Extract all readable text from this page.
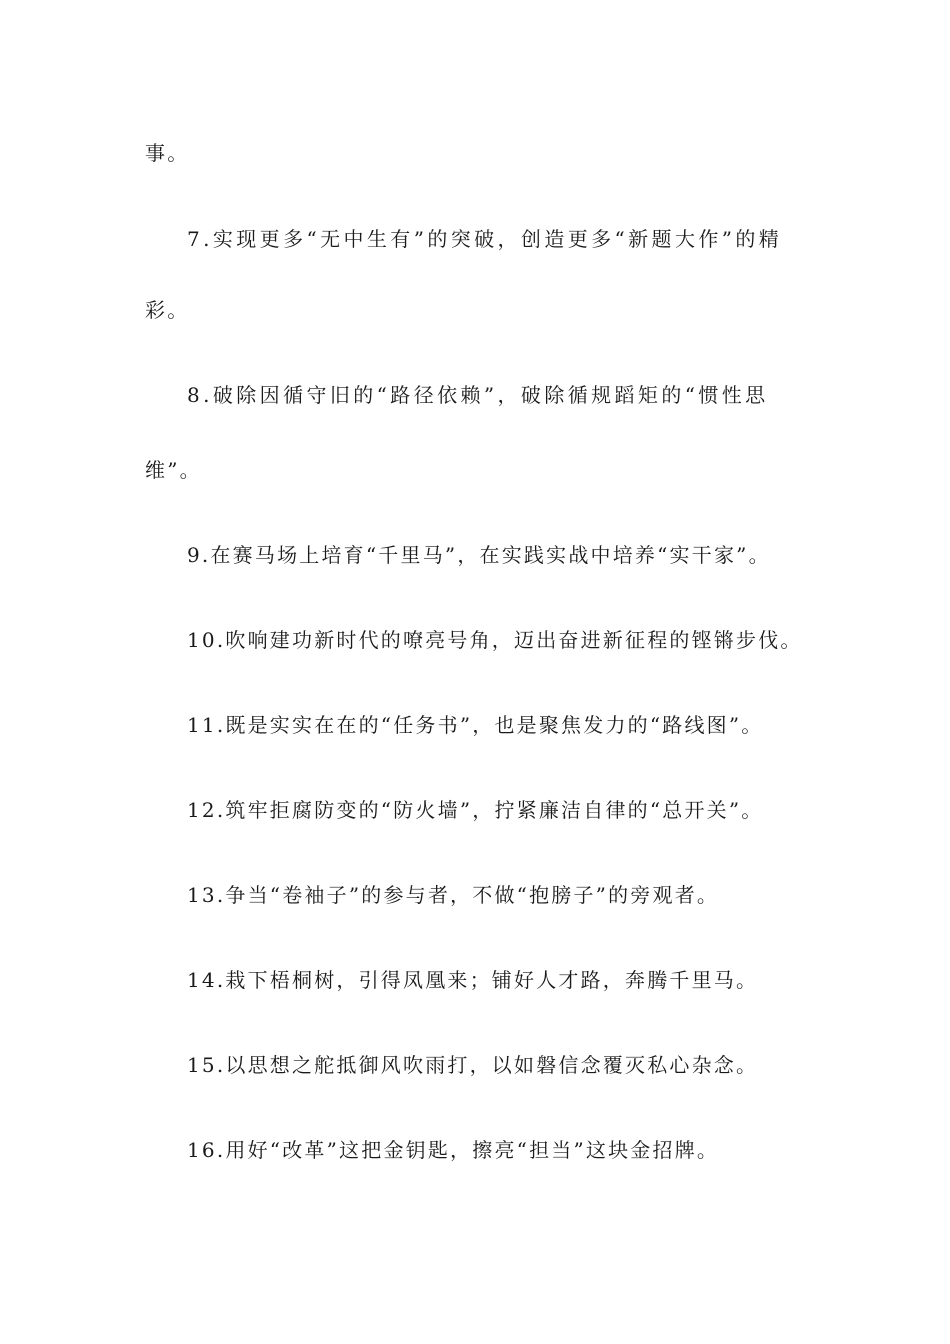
事。
7.实现更多“无中生有”的突破，创造更多“新题大作”的精
彩。
8.破除因循守旧的“路径依赖”，破除循规蹈矩的“惯性思
维”。
9.在赛马场上培育“千里马”，在实践实战中培养“实干家”。
10.吹响建功新时代的嘹亮号角，迈出奋进新征程的铿锵步伐。
11.既是实实在在的“任务书”，也是聚焦发力的“路线图”。
12.筑牢拒腐防变的“防火墙”，拧紧廉洁自律的“总开关”。
13.争当“卷袖子”的参与者，不做“抱膀子”的旁观者。
14.栽下梧桐树，引得凤凰来；铺好人才路，奔腾千里马。
15.以思想之舵抵御风吹雨打，以如磐信念覆灭私心杂念。
16.用好“改革”这把金钥匙，擦亮“担当”这块金招牌。
